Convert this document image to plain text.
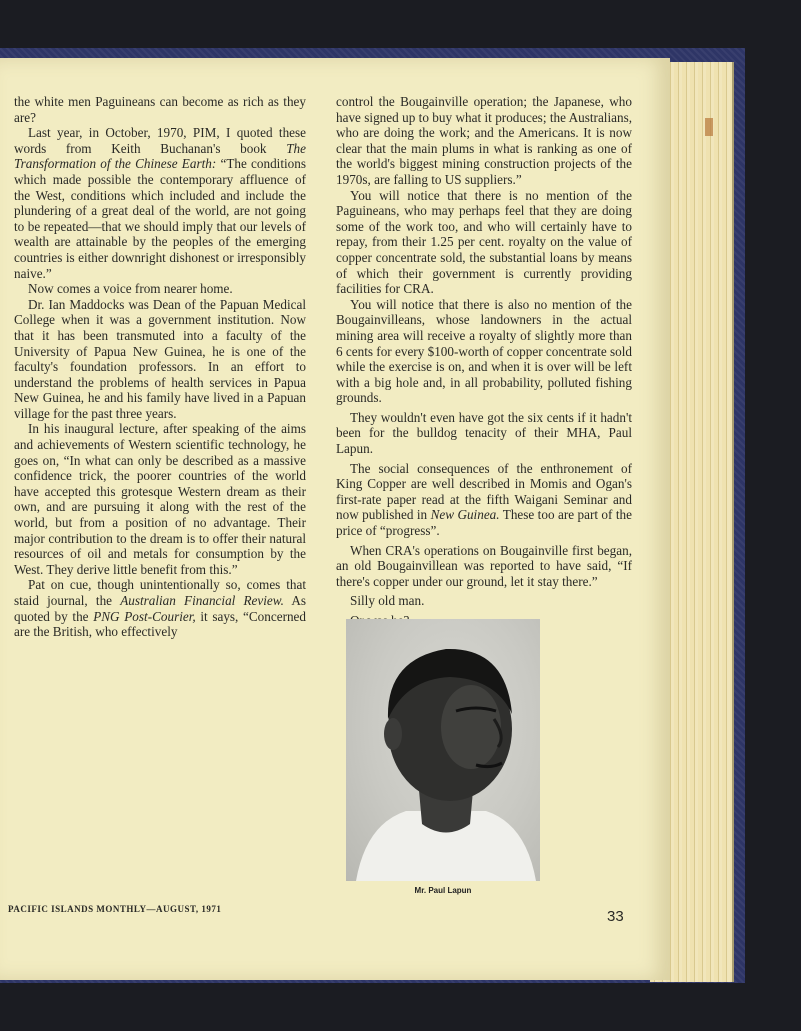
the white men Paguineans can become as rich as they are?

Last year, in October, 1970, PIM, I quoted these words from Keith Buchanan's book The Transformation of the Chinese Earth: “The conditions which made possible the contemporary affluence of the West, conditions which included and include the plundering of a great deal of the world, are not going to be repeated—that we should imply that our levels of wealth are attainable by the peoples of the emerging countries is either downright dishonest or irresponsibly naive.”

Now comes a voice from nearer home.

Dr. Ian Maddocks was Dean of the Papuan Medical College when it was a government institution. Now that it has been transmuted into a faculty of the University of Papua New Guinea, he is one of the faculty's foundation professors. In an effort to understand the problems of health services in Papua New Guinea, he and his family have lived in a Papuan village for the past three years.

In his inaugural lecture, after speaking of the aims and achievements of Western scientific technology, he goes on, “In what can only be described as a massive confidence trick, the poorer countries of the world have accepted this grotesque Western dream as their own, and are pursuing it along with the rest of the world, but from a position of no advantage. Their major contribution to the dream is to offer their natural resources of oil and metals for consumption by the West. They derive little benefit from this.”

Pat on cue, though unintentionally so, comes that staid journal, the Australian Financial Review. As quoted by the PNG Post-Courier, it says, “Concerned are the British, who effectively

control the Bougainville operation; the Japanese, who have signed up to buy what it produces; the Australians, who are doing the work; and the Americans. It is now clear that the main plums in what is ranking as one of the world's biggest mining construction projects of the 1970s, are falling to US suppliers.”

You will notice that there is no mention of the Paguineans, who may perhaps feel that they are doing some of the work too, and who will certainly have to repay, from their 1.25 per cent. royalty on the value of copper concentrate sold, the substantial loans by means of which their government is currently providing facilities for CRA.

You will notice that there is also no mention of the Bougainvilleans, whose landowners in the actual mining area will receive a royalty of slightly more than 6 cents for every $100-worth of copper concentrate sold while the exercise is on, and when it is over will be left with a big hole and, in all probability, polluted fishing grounds.

They wouldn't even have got the six cents if it hadn't been for the bulldog tenacity of their MHA, Paul Lapun.

The social consequences of the enthronement of King Copper are well described in Momis and Ogan's first-rate paper read at the fifth Waigani Seminar and now published in New Guinea. These too are part of the price of “progress”.

When CRA's operations on Bougainville first began, an old Bougainvillean was reported to have said, “If there's copper under our ground, let it stay there.”

Silly old man.

Mr. Paul Lapun
PACIFIC ISLANDS MONTHLY—AUGUST, 1971	33
